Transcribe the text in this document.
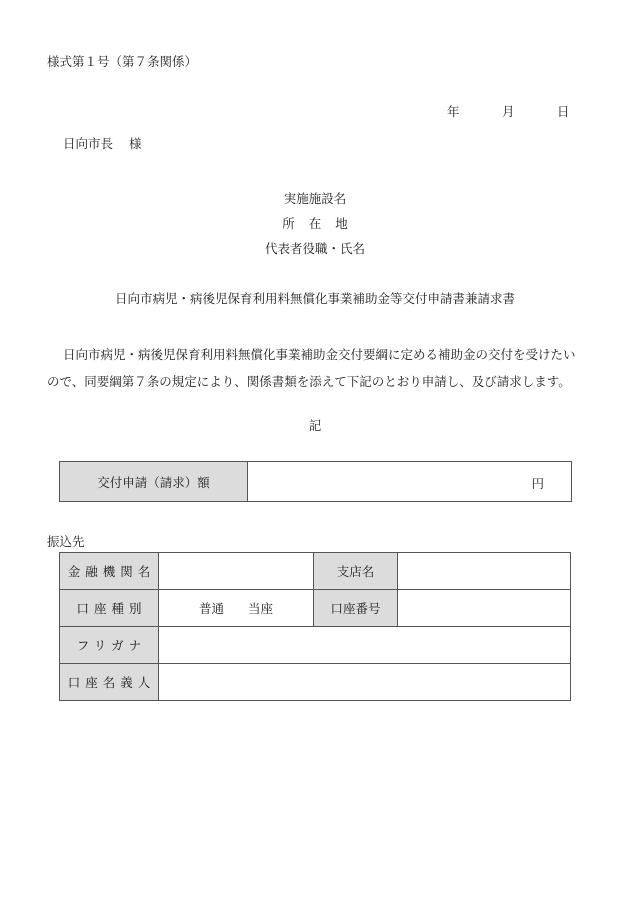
様式第１号（第７条関係）
年	月	日
日向市長 様
実施施設名
所在地
代表者役職・氏名
日向市病児・病後児保育利用料無償化事業補助金等交付申請書兼請求書

日向市病児・病後児保育利用料無償化事業補助金交付要綱に定める補助金の交付を受けたい

ので、同要綱第７条の規定により、関係書類を添えて下記のとおり申請し、及び請求します。

記
交付申請（請求）額	円
振込先
金融機関名		支店名	
口座種別	普通 当座	口座番号	
フリガナ			
口座名義人			
